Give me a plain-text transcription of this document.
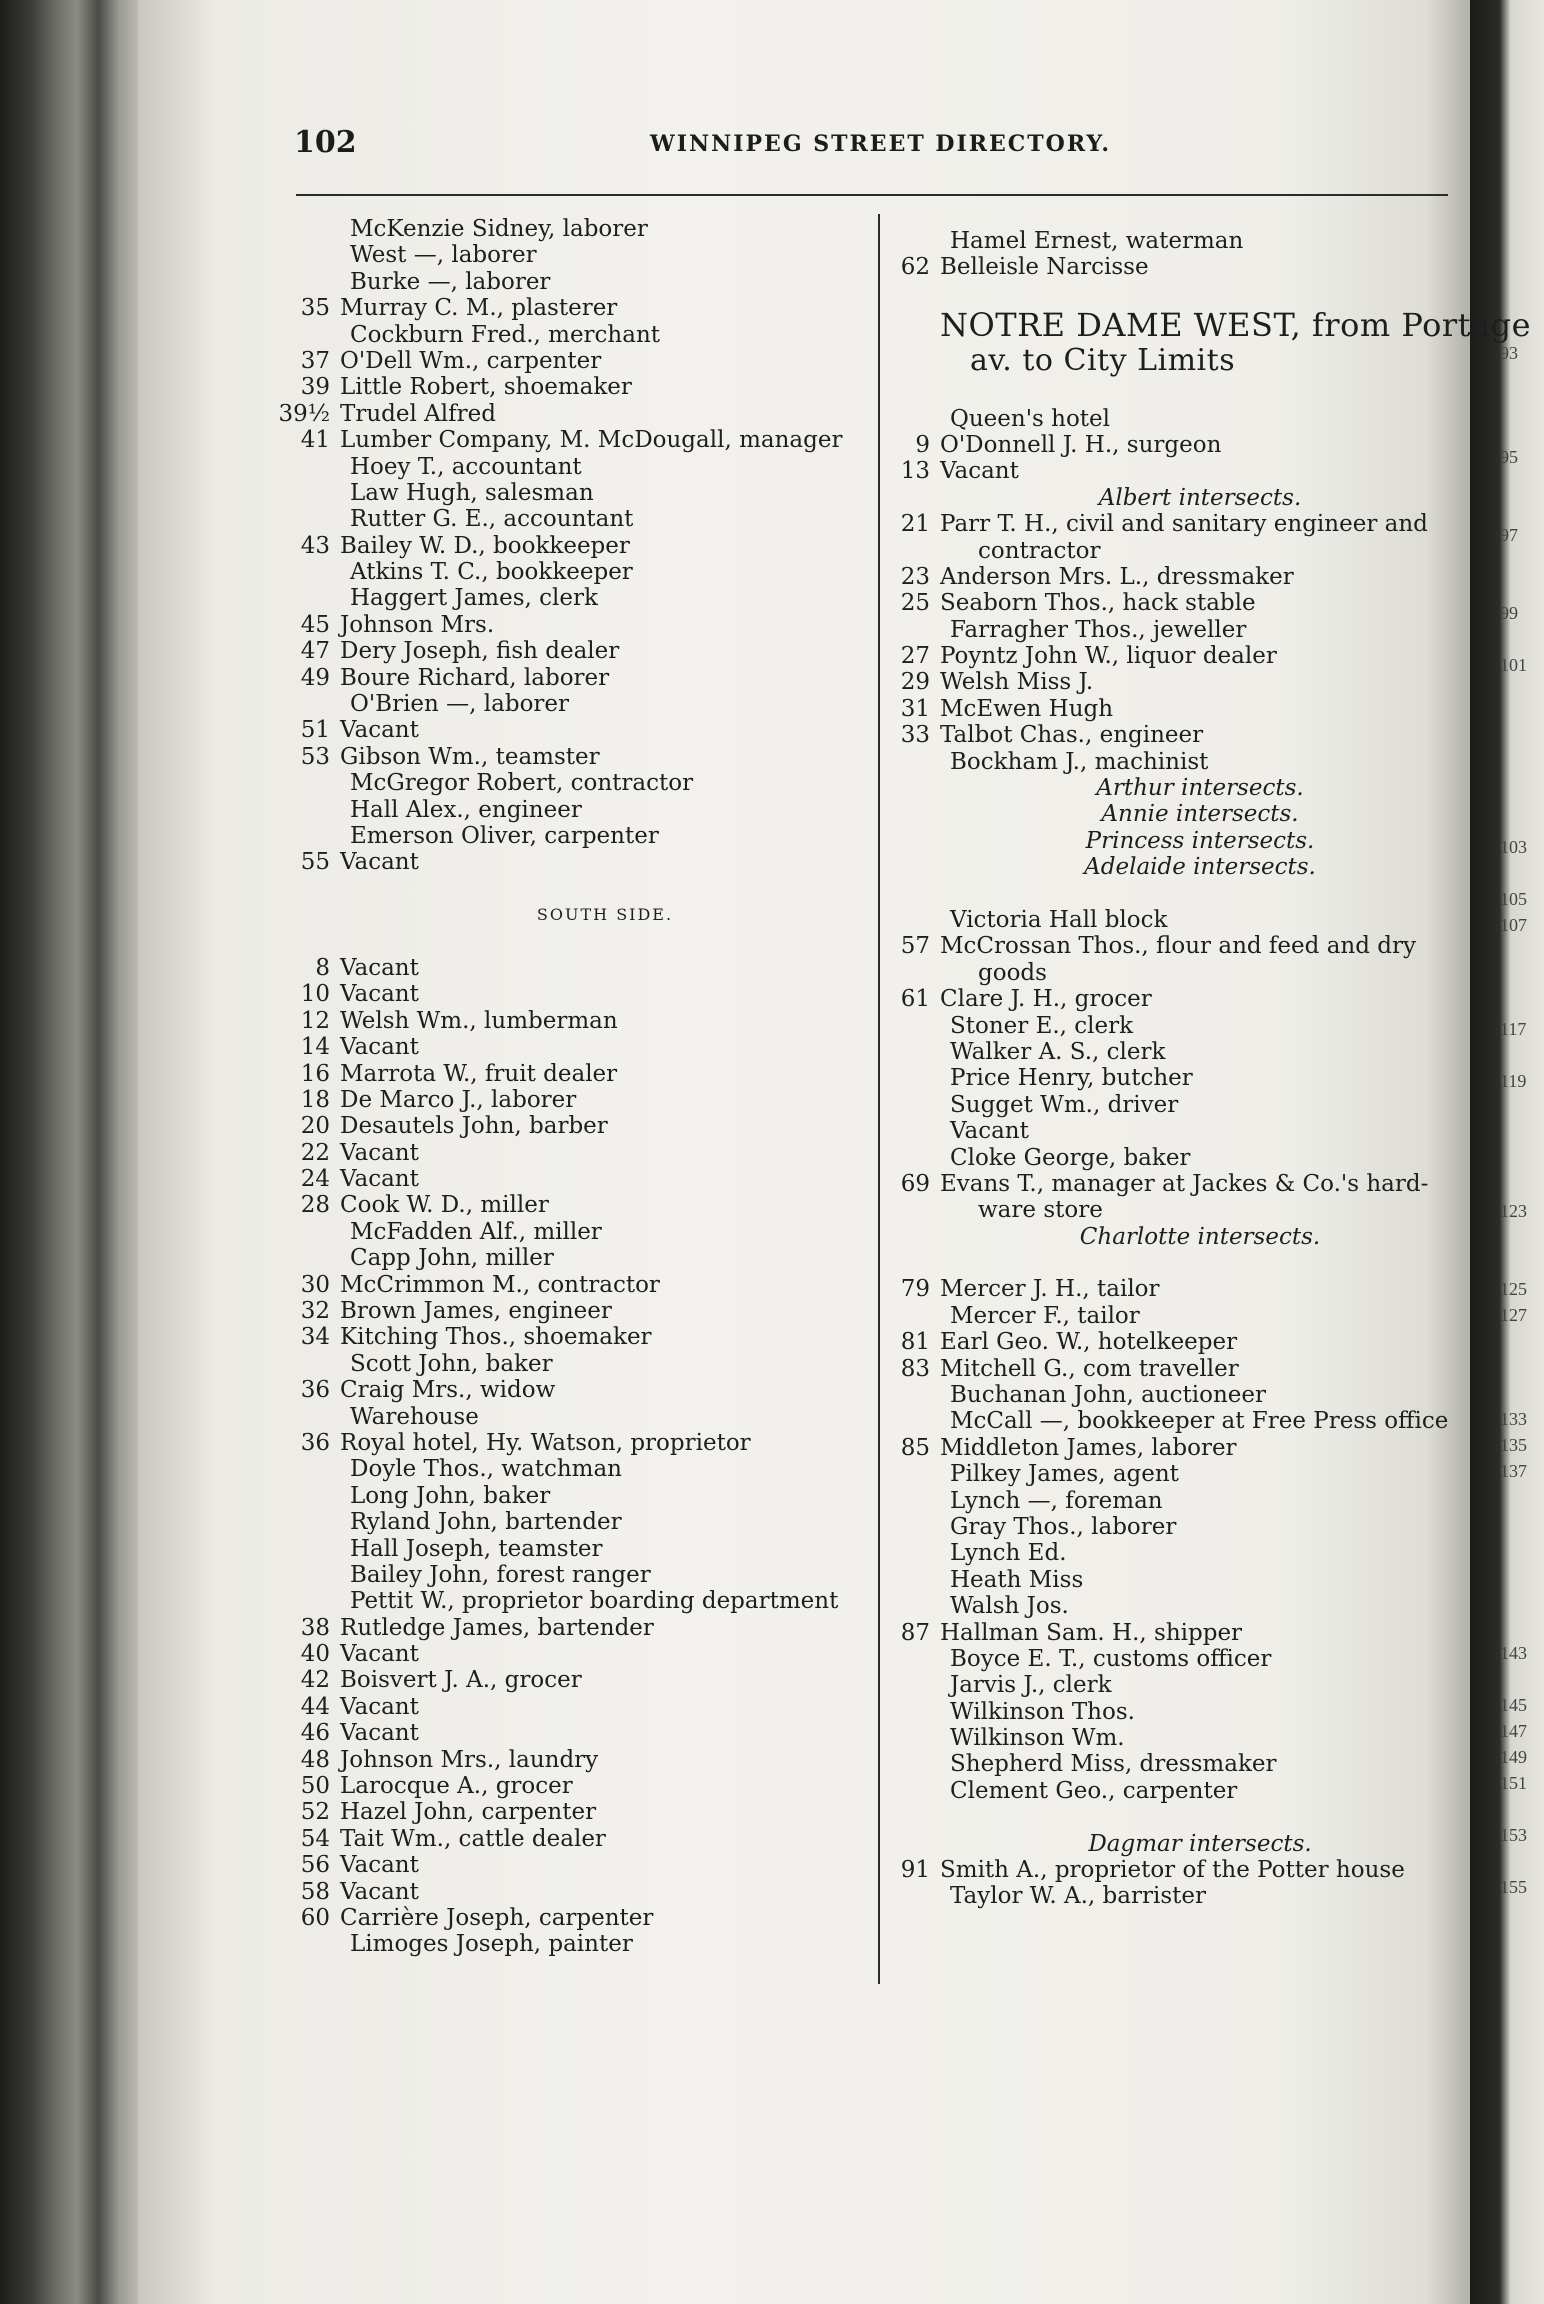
93
95
97
99
101
103
105
107
117
119
123
125
127
133
135
137
143
145
147
149
151
153
155
102	WINNIPEG STREET DIRECTORY.
McKenzie Sidney, laborer
West —, laborer
Burke —, laborer
35 Murray C. M., plasterer
Cockburn Fred., merchant
37 O'Dell Wm., carpenter
39 Little Robert, shoemaker
39½ Trudel Alfred
41 Lumber Company, M. McDougall, manager
Hoey T., accountant
Law Hugh, salesman
Rutter G. E., accountant
43 Bailey W. D., bookkeeper
Atkins T. C., bookkeeper
Haggert James, clerk
45 Johnson Mrs.
47 Dery Joseph, fish dealer
49 Boure Richard, laborer
O'Brien —, laborer
51 Vacant
53 Gibson Wm., teamster
McGregor Robert, contractor
Hall Alex., engineer
Emerson Oliver, carpenter
55 Vacant
SOUTH SIDE.
8 Vacant
10 Vacant
12 Welsh Wm., lumberman
14 Vacant
16 Marrota W., fruit dealer
18 De Marco J., laborer
20 Desautels John, barber
22 Vacant
24 Vacant
28 Cook W. D., miller
McFadden Alf., miller
Capp John, miller
30 McCrimmon M., contractor
32 Brown James, engineer
34 Kitching Thos., shoemaker
Scott John, baker
36 Craig Mrs., widow
Warehouse
36 Royal hotel, Hy. Watson, proprietor
Doyle Thos., watchman
Long John, baker
Ryland John, bartender
Hall Joseph, teamster
Bailey John, forest ranger
Pettit W., proprietor boarding department
38 Rutledge James, bartender
40 Vacant
42 Boisvert J. A., grocer
44 Vacant
46 Vacant
48 Johnson Mrs., laundry
50 Larocque A., grocer
52 Hazel John, carpenter
54 Tait Wm., cattle dealer
56 Vacant
58 Vacant
60 Carrière Joseph, carpenter
Limoges Joseph, painter
Hamel Ernest, waterman
62 Belleisle Narcisse
NOTRE DAME WEST, from Portage
av. to City Limits
Queen's hotel
9 O'Donnell J. H., surgeon
13 Vacant
Albert intersects.
21 Parr T. H., civil and sanitary engineer and
contractor
23 Anderson Mrs. L., dressmaker
25 Seaborn Thos., hack stable
Farragher Thos., jeweller
27 Poyntz John W., liquor dealer
29 Welsh Miss J.
31 McEwen Hugh
33 Talbot Chas., engineer
Bockham J., machinist
Arthur intersects.
Annie intersects.
Princess intersects.
Adelaide intersects.
Victoria Hall block
57 McCrossan Thos., flour and feed and dry
goods
61 Clare J. H., grocer
Stoner E., clerk
Walker A. S., clerk
Price Henry, butcher
Sugget Wm., driver
Vacant
Cloke George, baker
69 Evans T., manager at Jackes & Co.'s hard-
ware store
Charlotte intersects.
79 Mercer J. H., tailor
Mercer F., tailor
81 Earl Geo. W., hotelkeeper
83 Mitchell G., com traveller
Buchanan John, auctioneer
McCall —, bookkeeper at Free Press office
85 Middleton James, laborer
Pilkey James, agent
Lynch —, foreman
Gray Thos., laborer
Lynch Ed.
Heath Miss
Walsh Jos.
87 Hallman Sam. H., shipper
Boyce E. T., customs officer
Jarvis J., clerk
Wilkinson Thos.
Wilkinson Wm.
Shepherd Miss, dressmaker
Clement Geo., carpenter
Dagmar intersects.
91 Smith A., proprietor of the Potter house
Taylor W. A., barrister
